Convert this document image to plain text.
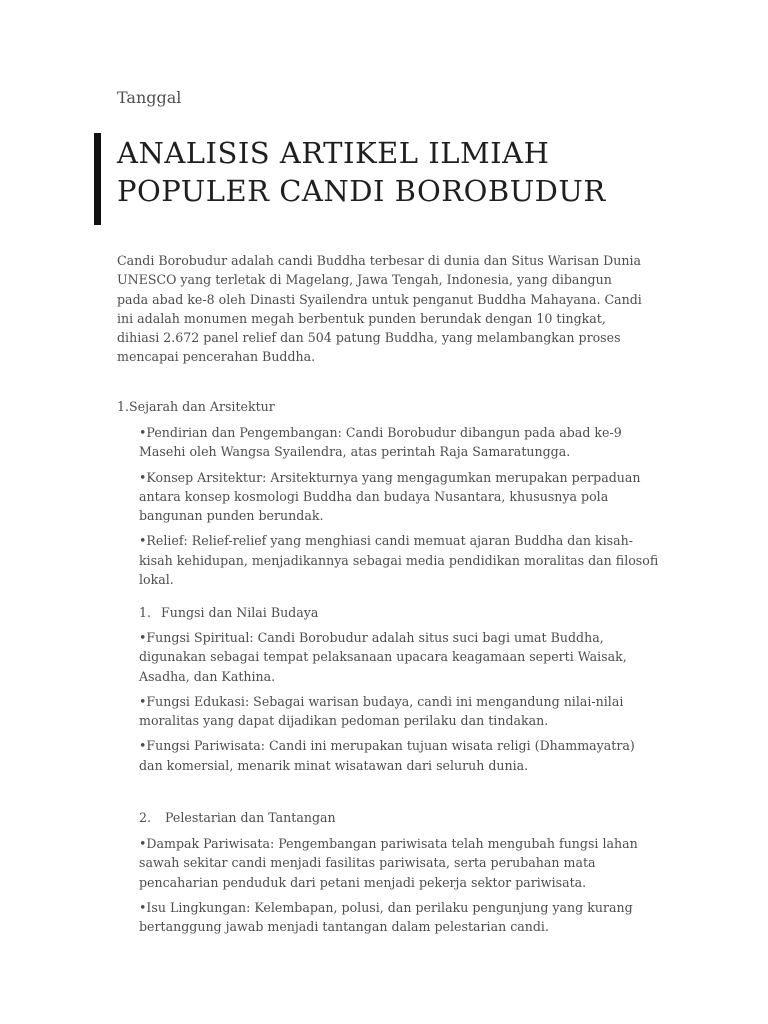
Tanggal
ANALISIS ARTIKEL ILMIAH
POPULER CANDI BOROBUDUR

Candi Borobudur adalah candi Buddha terbesar di dunia dan Situs Warisan Dunia UNESCO yang terletak di Magelang, Jawa Tengah, Indonesia, yang dibangun pada abad ke-8 oleh Dinasti Syailendra untuk penganut Buddha Mahayana. Candi ini adalah monumen megah berbentuk punden berundak dengan 10 tingkat, dihiasi 2.672 panel relief dan 504 patung Buddha, yang melambangkan proses mencapai pencerahan Buddha.

1.Sejarah dan Arsitektur
•Pendirian dan Pengembangan: Candi Borobudur dibangun pada abad ke-9 Masehi oleh Wangsa Syailendra, atas perintah Raja Samaratungga.
•Konsep Arsitektur: Arsitekturnya yang mengagumkan merupakan perpaduan antara konsep kosmologi Buddha dan budaya Nusantara, khususnya pola bangunan punden berundak.
•Relief: Relief-relief yang menghiasi candi memuat ajaran Buddha dan kisah-kisah kehidupan, menjadikannya sebagai media pendidikan moralitas dan filosofi lokal.
1. Fungsi dan Nilai Budaya
•Fungsi Spiritual: Candi Borobudur adalah situs suci bagi umat Buddha, digunakan sebagai tempat pelaksanaan upacara keagamaan seperti Waisak, Asadha, dan Kathina.
•Fungsi Edukasi: Sebagai warisan budaya, candi ini mengandung nilai-nilai moralitas yang dapat dijadikan pedoman perilaku dan tindakan.
•Fungsi Pariwisata: Candi ini merupakan tujuan wisata religi (Dhammayatra) dan komersial, menarik minat wisatawan dari seluruh dunia.
2. Pelestarian dan Tantangan
•Dampak Pariwisata: Pengembangan pariwisata telah mengubah fungsi lahan sawah sekitar candi menjadi fasilitas pariwisata, serta perubahan mata pencaharian penduduk dari petani menjadi pekerja sektor pariwisata.
•Isu Lingkungan: Kelembapan, polusi, dan perilaku pengunjung yang kurang bertanggung jawab menjadi tantangan dalam pelestarian candi.
